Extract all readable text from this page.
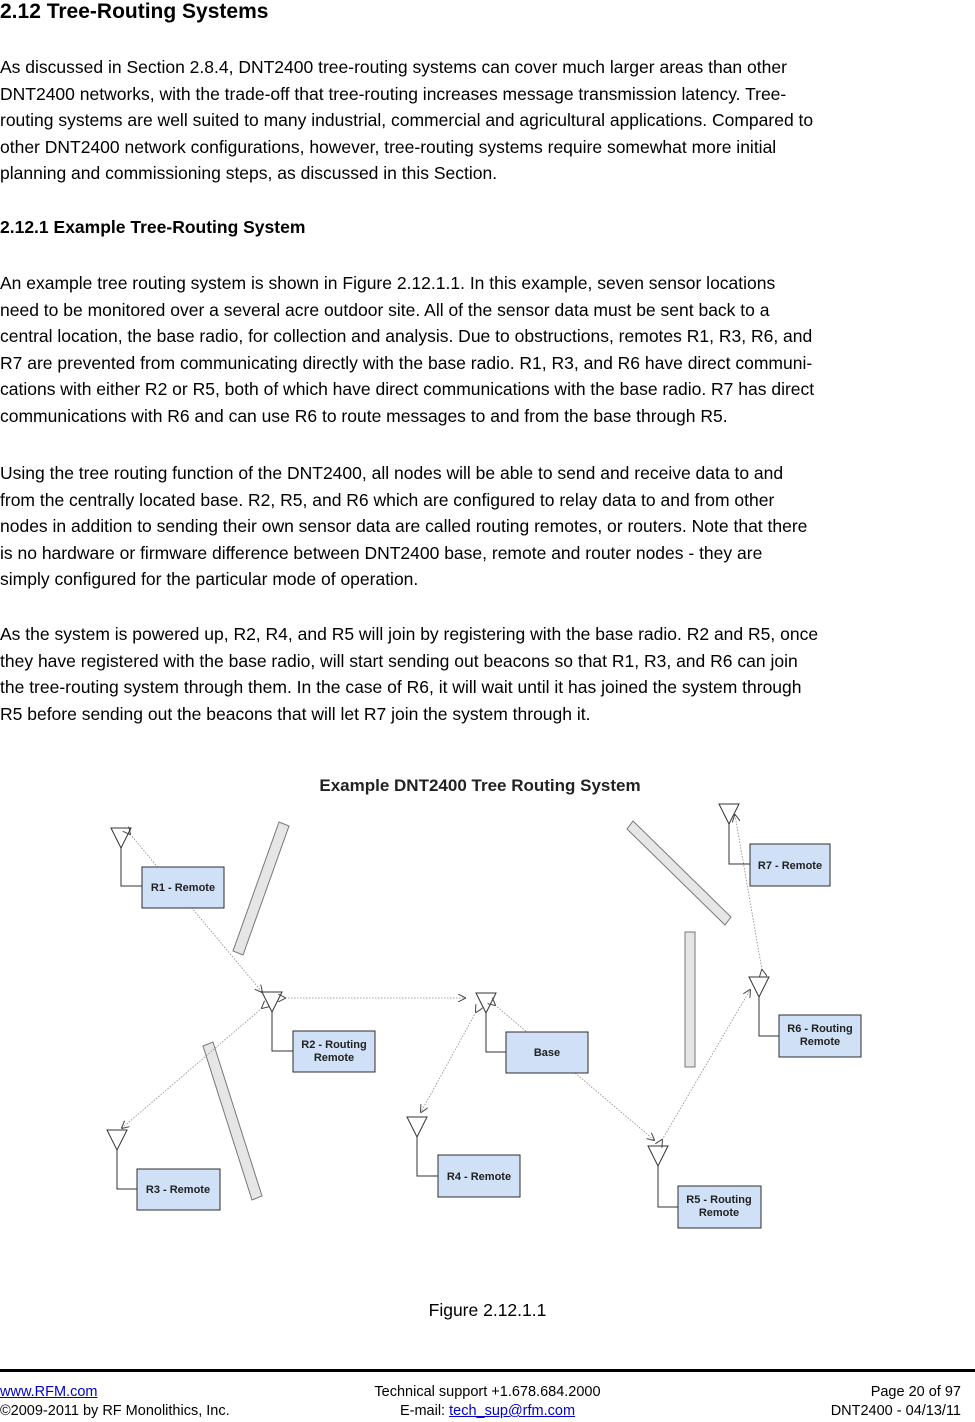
2.12 Tree-Routing Systems
As discussed in Section 2.8.4, DNT2400 tree-routing systems can cover much larger areas than other
DNT2400 networks, with the trade-off that tree-routing increases message transmission latency. Tree-
routing systems are well suited to many industrial, commercial and agricultural applications. Compared to
other DNT2400 network configurations, however, tree-routing systems require somewhat more initial
planning and commissioning steps, as discussed in this Section.
2.12.1 Example Tree-Routing System
An example tree routing system is shown in Figure 2.12.1.1. In this example, seven sensor locations
need to be monitored over a several acre outdoor site. All of the sensor data must be sent back to a
central location, the base radio, for collection and analysis. Due to obstructions, remotes R1, R3, R6, and
R7 are prevented from communicating directly with the base radio. R1, R3, and R6 have direct communi-
cations with either R2 or R5, both of which have direct communications with the base radio. R7 has direct
communications with R6 and can use R6 to route messages to and from the base through R5.
Using the tree routing function of the DNT2400, all nodes will be able to send and receive data to and
from the centrally located base. R2, R5, and R6 which are configured to relay data to and from other
nodes in addition to sending their own sensor data are called routing remotes, or routers. Note that there
is no hardware or firmware difference between DNT2400 base, remote and router nodes - they are
simply configured for the particular mode of operation.
As the system is powered up, R2, R4, and R5 will join by registering with the base radio. R2 and R5, once
they have registered with the base radio, will start sending out beacons so that R1, R3, and R6 can join
the tree-routing system through them. In the case of R6, it will wait until it has joined the system through
R5 before sending out the beacons that will let R7 join the system through it.
Example DNT2400 Tree Routing System
R1 - Remote
R2 - Routing
Remote
R3 - Remote
Base
R4 - Remote
R5 - Routing
Remote
R6 - Routing
Remote
R7 - Remote
Figure 2.12.1.1
www.RFM.com
©2009-2011 by RF Monolithics, Inc.
Technical support +1.678.684.2000
E-mail: tech_sup@rfm.com
Page 20 of 97
DNT2400 - 04/13/11
